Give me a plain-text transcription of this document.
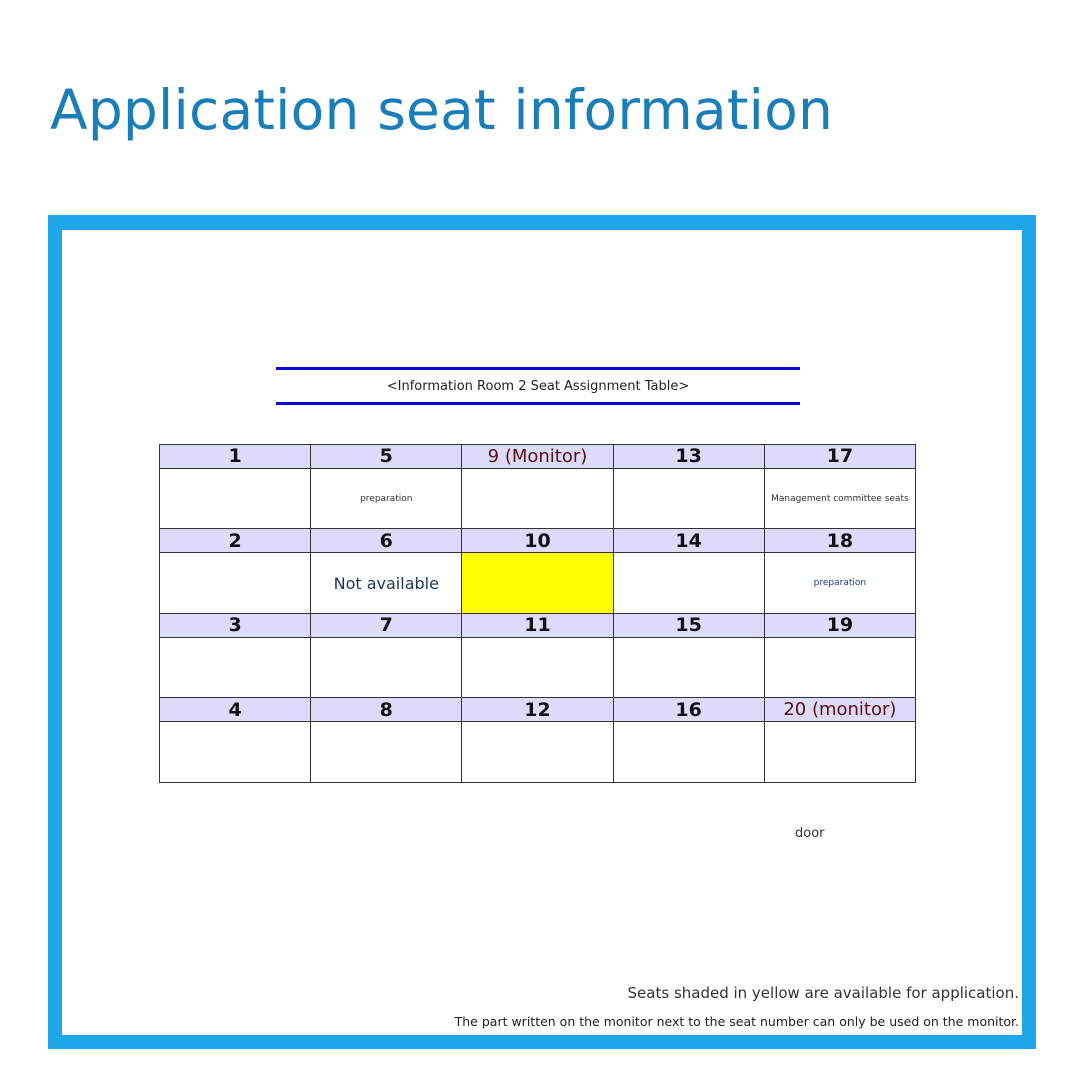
Application seat information
<Information Room 2 Seat Assignment Table>
1	5	9 (Monitor)	13	17
	preparation			Management committee seats
2	6	10	14	18
	Not available			preparation
3	7	11	15	19

4	8	12	16	20 (monitor)

door
Seats shaded in yellow are available for application.
The part written on the monitor next to the seat number can only be used on the monitor.
